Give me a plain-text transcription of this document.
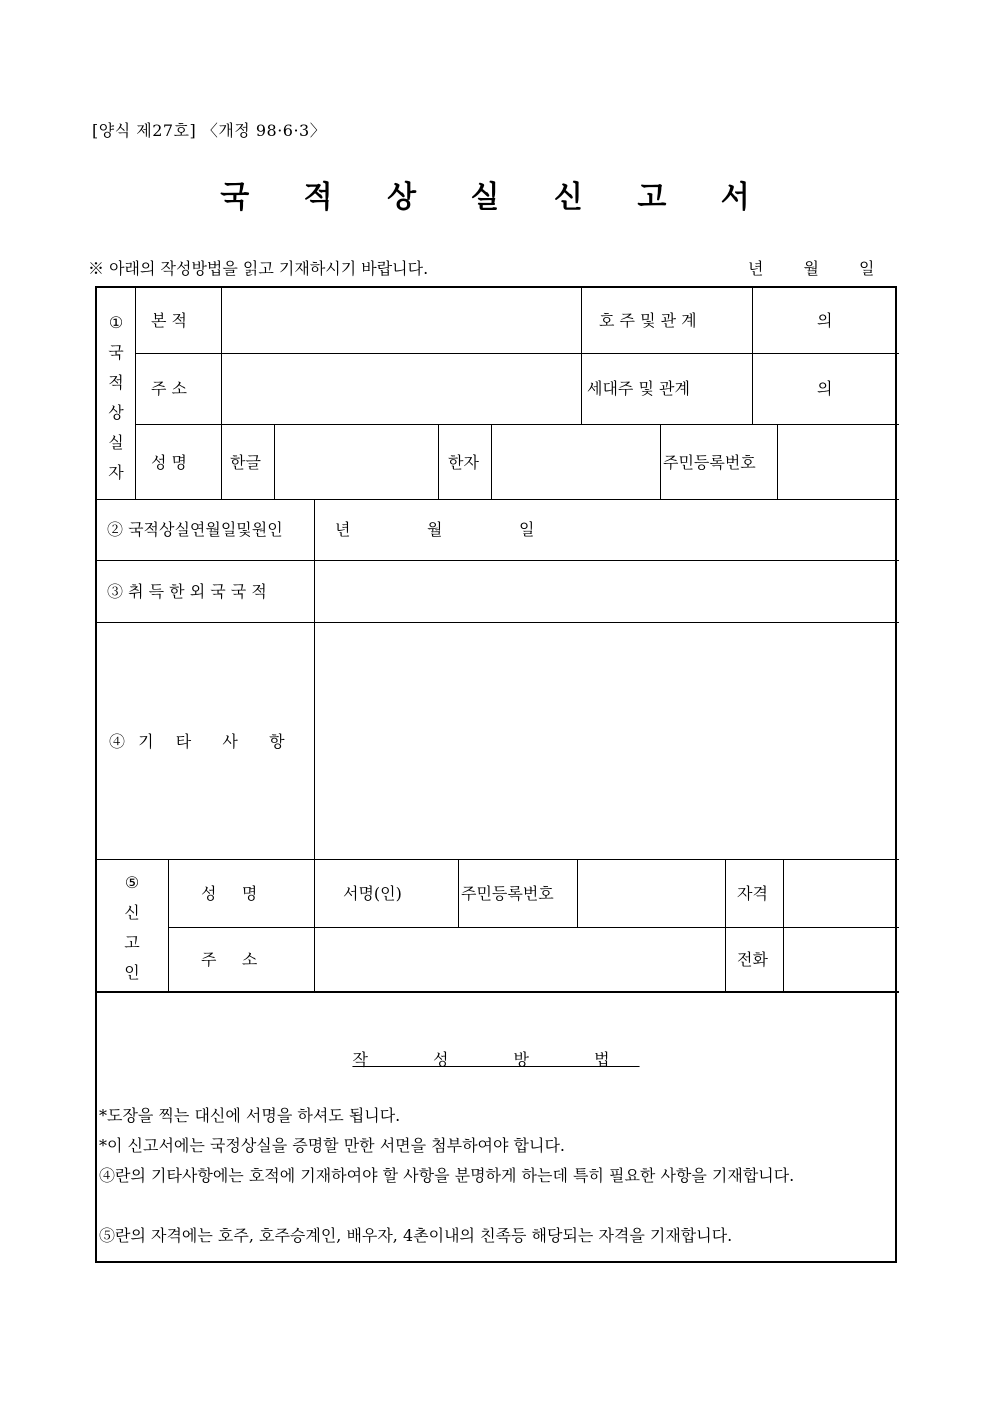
[양식 제27호] 〈개정 98·6·3〉
국 적 상 실 신 고 서
※ 아래의 작성방법을 읽고 기재하시기 바랍니다.	년	월	일
①
국
적
상
실
자
본 적	호 주 및 관 계	의
주 소	세대주 및 관계	의
성 명	한글	한자	주민등록번호
② 국적상실연월일및원인	년	월	일
③ 취 득 한 외 국 국 적
④ 기  타   사   항
⑤
신
고
인
성     명	서명(인)	주민등록번호	자격
주     소	전화
작 성 방 법
*도장을 찍는 대신에 서명을 하셔도 됩니다.
*이 신고서에는 국정상실을 증명할 만한 서면을 첨부하여야 합니다.
④란의 기타사항에는 호적에 기재하여야 할 사항을 분명하게 하는데 특히 필요한 사항을 기재합니다.
⑤란의 자격에는 호주, 호주승계인, 배우자, 4촌이내의 친족등 해당되는 자격을 기재합니다.
